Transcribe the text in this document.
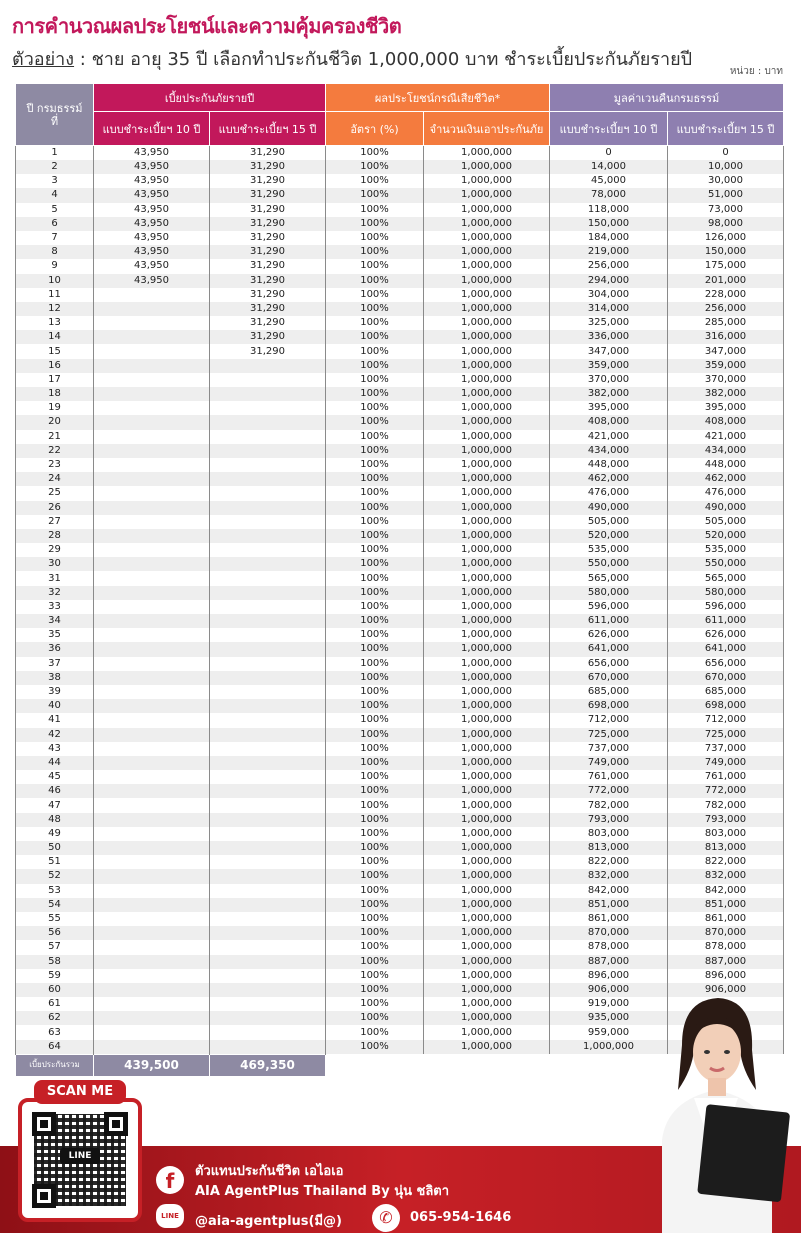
การคำนวณผลประโยชน์และความคุ้มครองชีวิต
ตัวอย่าง : ชาย อายุ 35 ปี เลือกทำประกันชีวิต 1,000,000 บาท ชำระเบี้ยประกันภัยรายปี
หน่วย : บาท
ปี กรมธรรม์ ที่	เบี้ยประกันภัยรายปี		ผลประโยชน์กรณีเสียชีวิต*		มูลค่าเวนคืนกรมธรรม์	
	แบบชำระเบี้ยฯ 10 ปี	แบบชำระเบี้ยฯ 15 ปี	อัตรา (%)	จำนวนเงินเอาประกันภัย	แบบชำระเบี้ยฯ 10 ปี	แบบชำระเบี้ยฯ 15 ปี
1	43,950	31,290	100%	1,000,000	0	0
2	43,950	31,290	100%	1,000,000	14,000	10,000
3	43,950	31,290	100%	1,000,000	45,000	30,000
4	43,950	31,290	100%	1,000,000	78,000	51,000
5	43,950	31,290	100%	1,000,000	118,000	73,000
6	43,950	31,290	100%	1,000,000	150,000	98,000
7	43,950	31,290	100%	1,000,000	184,000	126,000
8	43,950	31,290	100%	1,000,000	219,000	150,000
9	43,950	31,290	100%	1,000,000	256,000	175,000
10	43,950	31,290	100%	1,000,000	294,000	201,000
11		31,290	100%	1,000,000	304,000	228,000
12		31,290	100%	1,000,000	314,000	256,000
13		31,290	100%	1,000,000	325,000	285,000
14		31,290	100%	1,000,000	336,000	316,000
15		31,290	100%	1,000,000	347,000	347,000
16			100%	1,000,000	359,000	359,000
17			100%	1,000,000	370,000	370,000
18			100%	1,000,000	382,000	382,000
19			100%	1,000,000	395,000	395,000
20			100%	1,000,000	408,000	408,000
21			100%	1,000,000	421,000	421,000
22			100%	1,000,000	434,000	434,000
23			100%	1,000,000	448,000	448,000
24			100%	1,000,000	462,000	462,000
25			100%	1,000,000	476,000	476,000
26			100%	1,000,000	490,000	490,000
27			100%	1,000,000	505,000	505,000
28			100%	1,000,000	520,000	520,000
29			100%	1,000,000	535,000	535,000
30			100%	1,000,000	550,000	550,000
31			100%	1,000,000	565,000	565,000
32			100%	1,000,000	580,000	580,000
33			100%	1,000,000	596,000	596,000
34			100%	1,000,000	611,000	611,000
35			100%	1,000,000	626,000	626,000
36			100%	1,000,000	641,000	641,000
37			100%	1,000,000	656,000	656,000
38			100%	1,000,000	670,000	670,000
39			100%	1,000,000	685,000	685,000
40			100%	1,000,000	698,000	698,000
41			100%	1,000,000	712,000	712,000
42			100%	1,000,000	725,000	725,000
43			100%	1,000,000	737,000	737,000
44			100%	1,000,000	749,000	749,000
45			100%	1,000,000	761,000	761,000
46			100%	1,000,000	772,000	772,000
47			100%	1,000,000	782,000	782,000
48			100%	1,000,000	793,000	793,000
49			100%	1,000,000	803,000	803,000
50			100%	1,000,000	813,000	813,000
51			100%	1,000,000	822,000	822,000
52			100%	1,000,000	832,000	832,000
53			100%	1,000,000	842,000	842,000
54			100%	1,000,000	851,000	851,000
55			100%	1,000,000	861,000	861,000
56			100%	1,000,000	870,000	870,000
57			100%	1,000,000	878,000	878,000
58			100%	1,000,000	887,000	887,000
59			100%	1,000,000	896,000	896,000
60			100%	1,000,000	906,000	906,000
61			100%	1,000,000	919,000	
62			100%	1,000,000	935,000	
63			100%	1,000,000	959,000	
64			100%	1,000,000	1,000,000	
เบี้ยประกันรวม	439,500	469,350				
f	ตัวแทนประกันชีวิต เอไอเอ
AIA AgentPlus Thailand By นุ่น ชลิตา
LINE	@aia-agentplus(มี@)	✆	065-954-1646
LINE
SCAN ME
